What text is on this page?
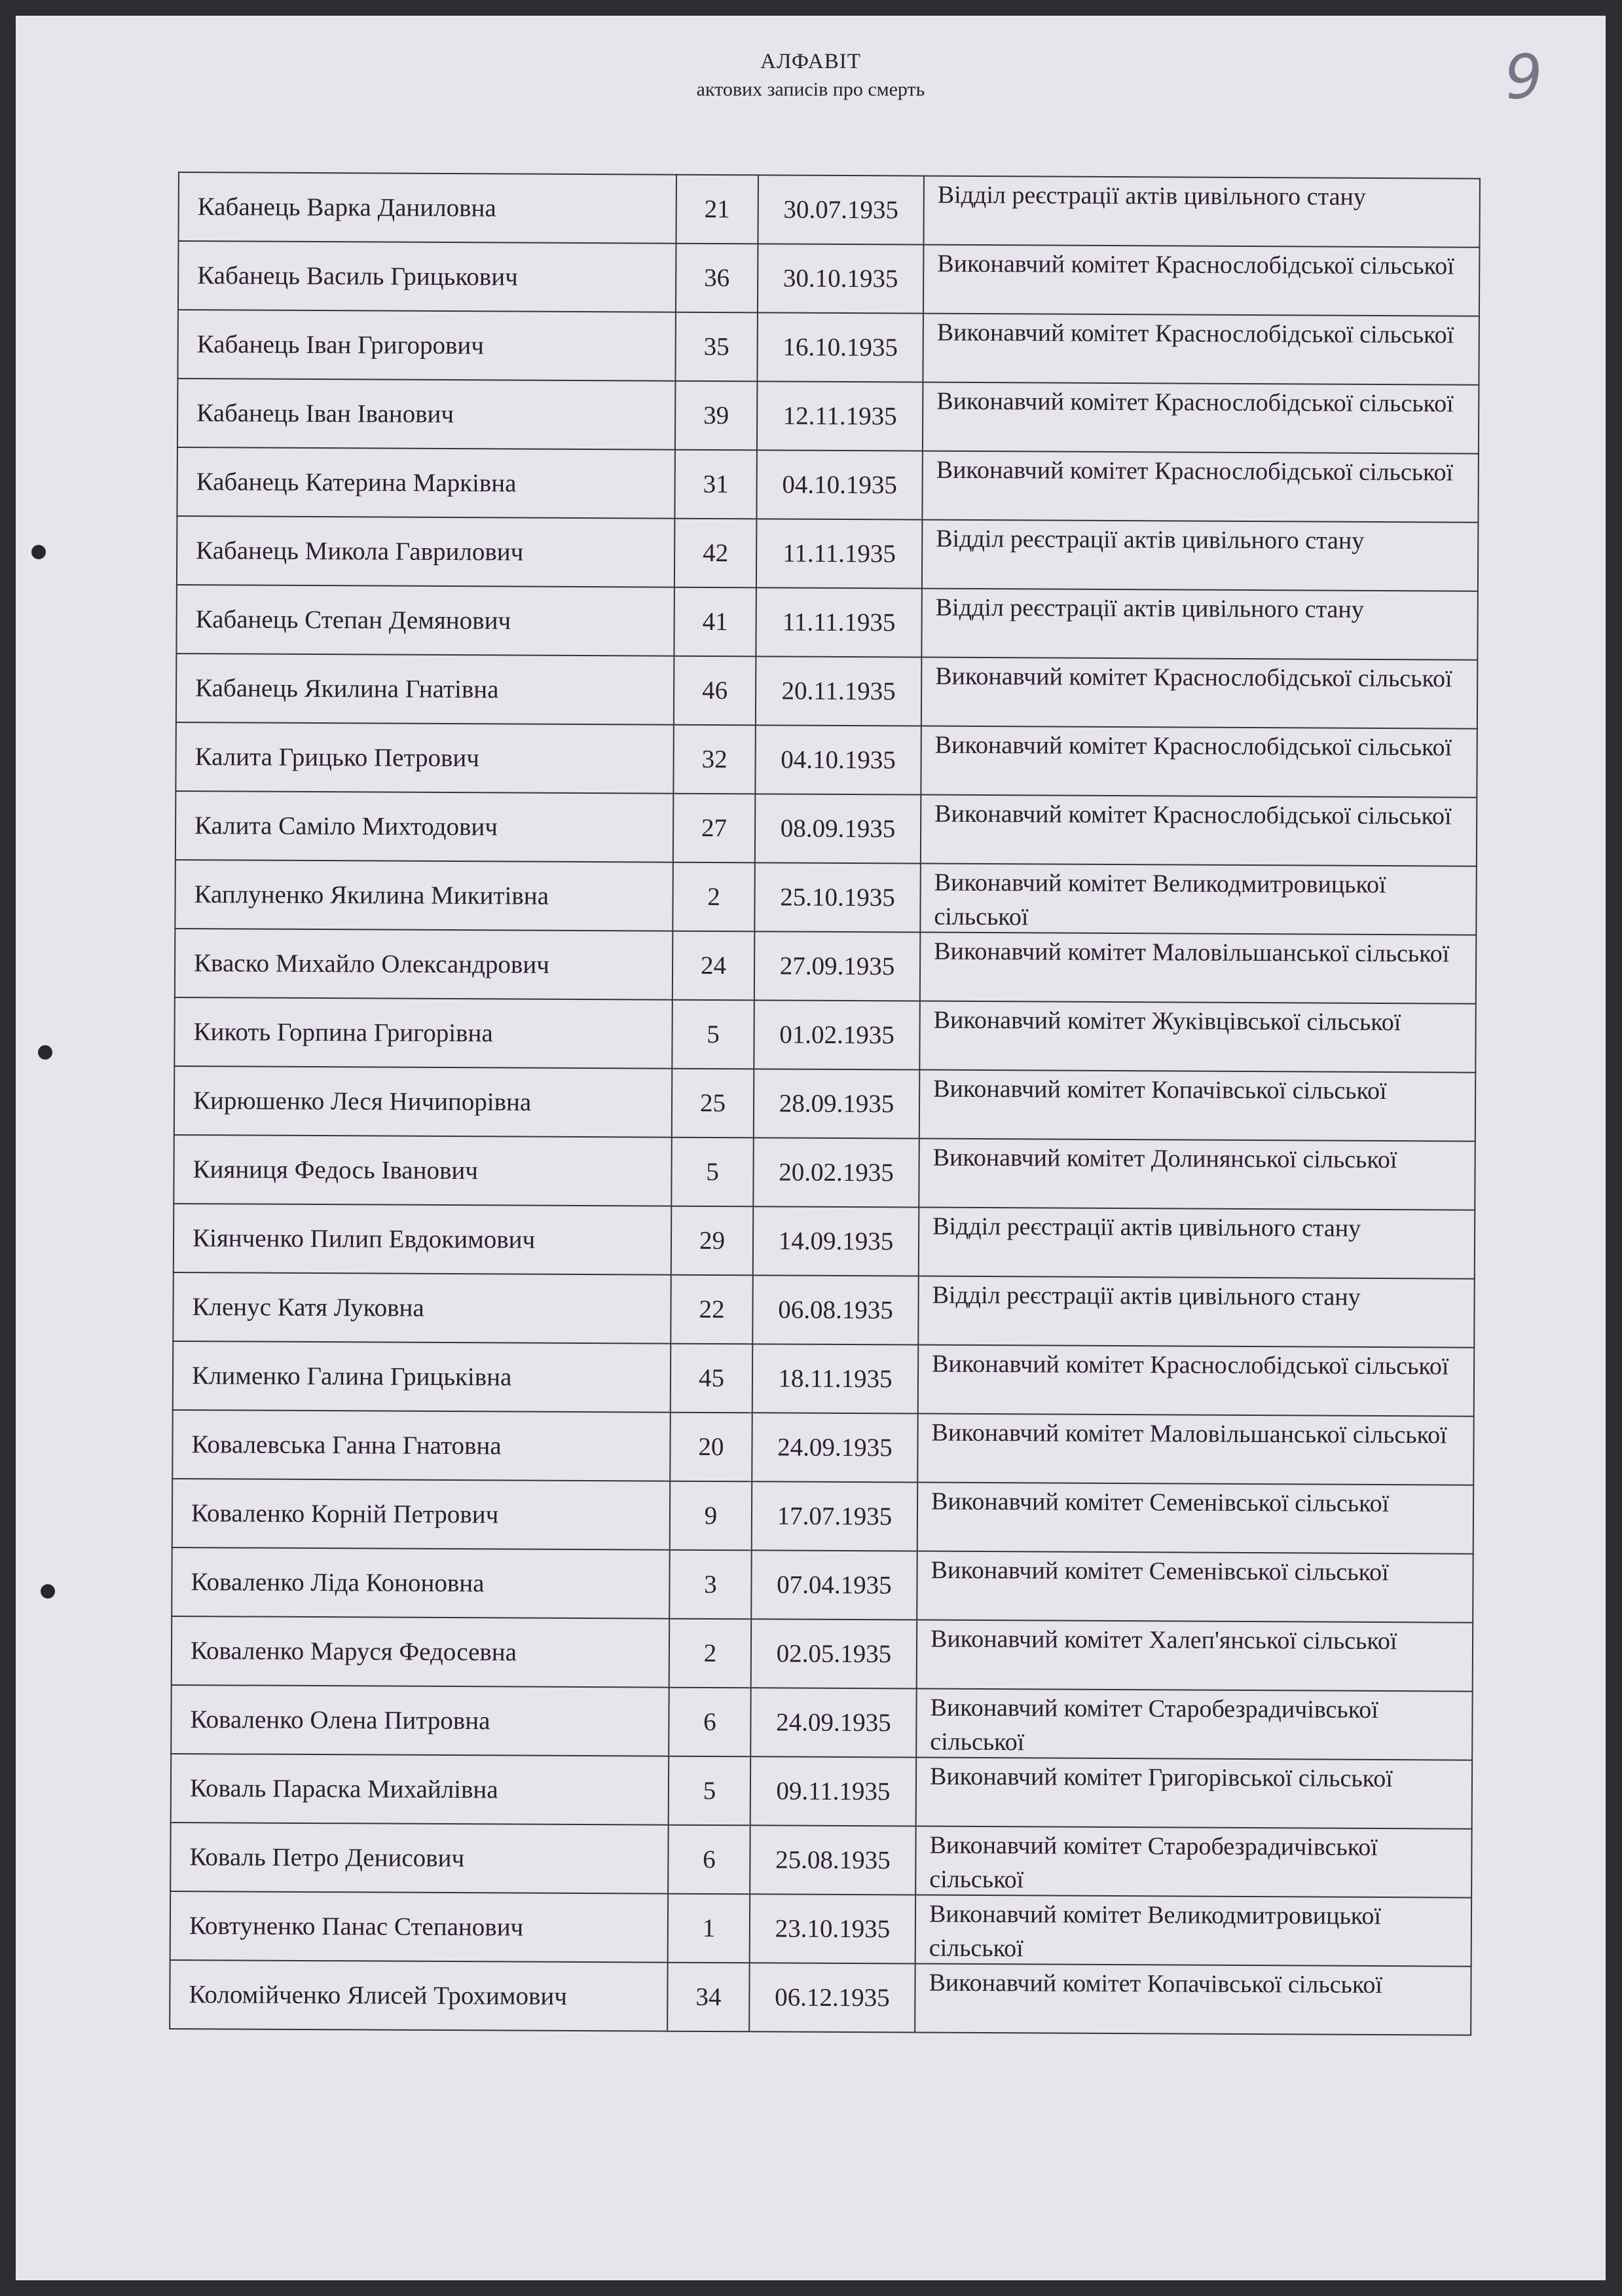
АЛФАВІТ
актових записів про смерть	9
Кабанець Варка Даниловна	21	30.07.1935	Відділ реєстрації актів цивільного стану

Кабанець Василь Грицькович	36	30.10.1935	Виконавчий комітет Краснослобідської сільської

Кабанець Іван Григорович	35	16.10.1935	Виконавчий комітет Краснослобідської сільської

Кабанець Іван Іванович	39	12.11.1935	Виконавчий комітет Краснослобідської сільської

Кабанець Катерина Марківна	31	04.10.1935	Виконавчий комітет Краснослобідської сільської

Кабанець Микола Гаврилович	42	11.11.1935	Відділ реєстрації актів цивільного стану

Кабанець Степан Демянович	41	11.11.1935	Відділ реєстрації актів цивільного стану

Кабанець Якилина Гнатівна	46	20.11.1935	Виконавчий комітет Краснослобідської сільської

Калита Грицько Петрович	32	04.10.1935	Виконавчий комітет Краснослобідської сільської

Калита Саміло Михтодович	27	08.09.1935	Виконавчий комітет Краснослобідської сільської

Каплуненко Якилина Микитівна	2	25.10.1935	Виконавчий комітет Великодмитровицької сільської

Кваско Михайло Олександрович	24	27.09.1935	Виконавчий комітет Маловільшанської сільської

Кикоть Горпина Григорівна	5	01.02.1935	Виконавчий комітет Жуківцівської сільської

Кирюшенко Леся Ничипорівна	25	28.09.1935	Виконавчий комітет Копачівської сільської

Кияниця Федось Іванович	5	20.02.1935	Виконавчий комітет Долинянської сільської

Кіянченко Пилип Евдокимович	29	14.09.1935	Відділ реєстрації актів цивільного стану

Кленус Катя Луковна	22	06.08.1935	Відділ реєстрації актів цивільного стану

Клименко Галина Грицьківна	45	18.11.1935	Виконавчий комітет Краснослобідської сільської

Ковалевська Ганна Гнатовна	20	24.09.1935	Виконавчий комітет Маловільшанської сільської

Коваленко Корній Петрович	9	17.07.1935	Виконавчий комітет Семенівської сільської

Коваленко Ліда Кононовна	3	07.04.1935	Виконавчий комітет Семенівської сільської

Коваленко Маруся Федосевна	2	02.05.1935	Виконавчий комітет Халеп'янської сільської

Коваленко Олена Питровна	6	24.09.1935	Виконавчий комітет Старобезрадичівської сільської

Коваль Параска Михайлівна	5	09.11.1935	Виконавчий комітет Григорівської сільської

Коваль Петро Денисович	6	25.08.1935	Виконавчий комітет Старобезрадичівської сільської

Ковтуненко Панас Степанович	1	23.10.1935	Виконавчий комітет Великодмитровицької сільської

Коломійченко Ялисей Трохимович	34	06.12.1935	Виконавчий комітет Копачівської сільської
